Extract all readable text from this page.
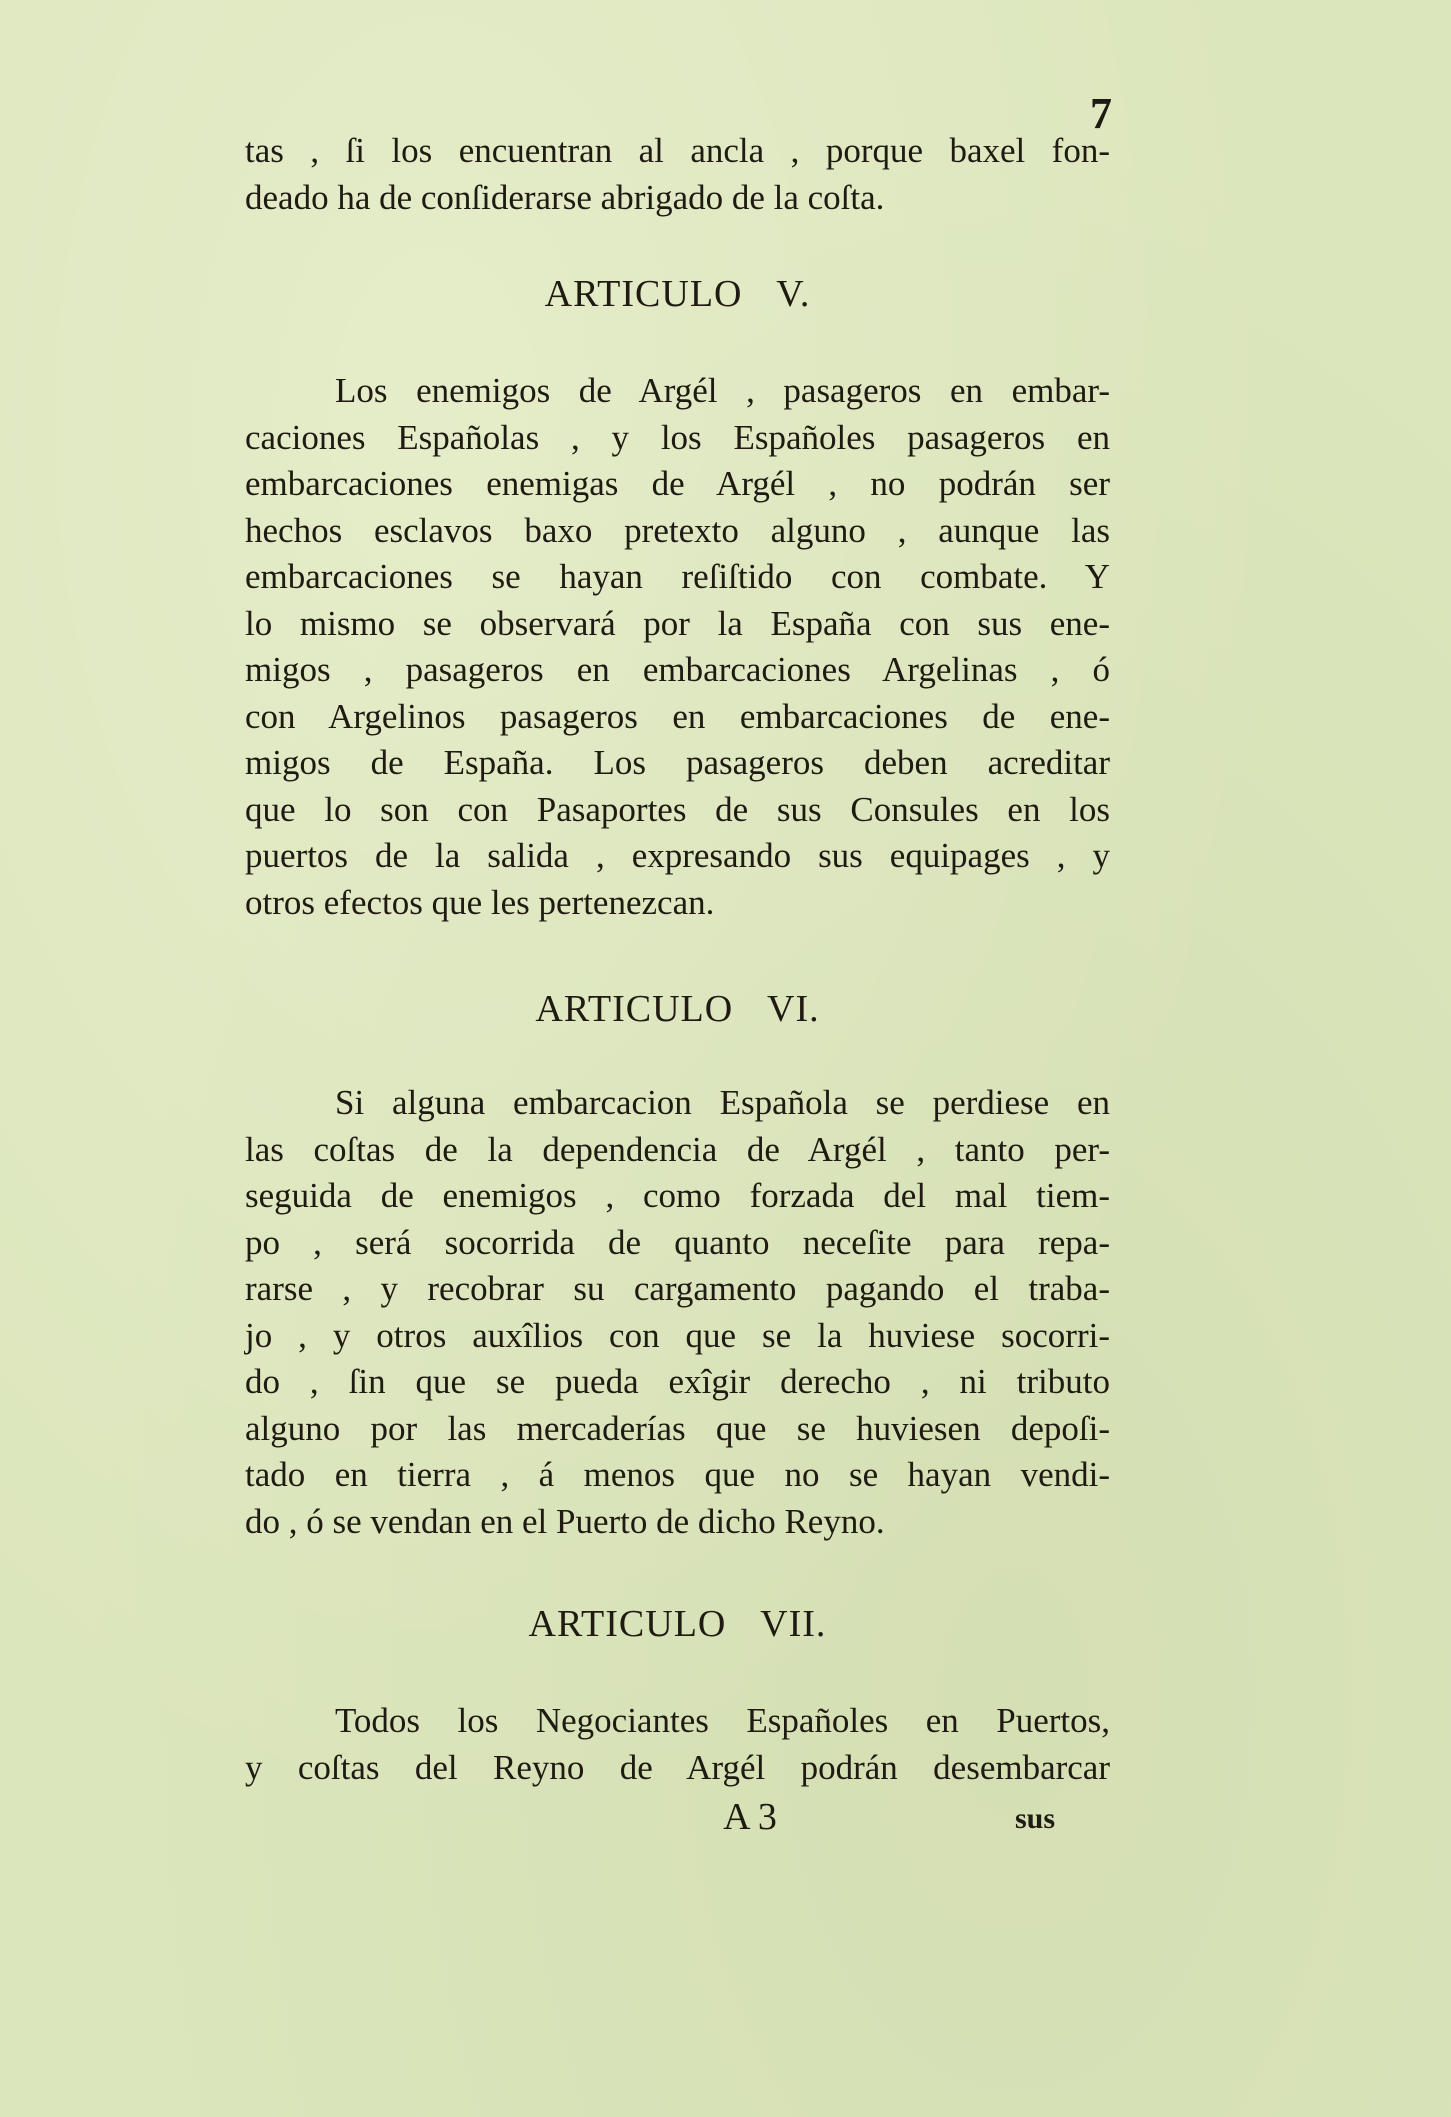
7
tas , ſi los encuentran al ancla , porque baxel fon-
deado ha de conſiderarse abrigado de la coſta.
ARTICULO V.
Los enemigos de Argél , pasageros en embar-
caciones Españolas , y los Españoles pasageros en
embarcaciones enemigas de Argél , no podrán ser
hechos esclavos baxo pretexto alguno , aunque las
embarcaciones se hayan reſiſtido con combate. Y
lo mismo se observará por la España con sus ene-
migos , pasageros en embarcaciones Argelinas , ó
con Argelinos pasageros en embarcaciones de ene-
migos de España. Los pasageros deben acreditar
que lo son con Pasaportes de sus Consules en los
puertos de la salida , expresando sus equipages , y
otros efectos que les pertenezcan.
ARTICULO VI.
Si alguna embarcacion Española se perdiese en
las coſtas de la dependencia de Argél , tanto per-
seguida de enemigos , como forzada del mal tiem-
po , será socorrida de quanto neceſite para repa-
rarse , y recobrar su cargamento pagando el traba-
jo , y otros auxîlios con que se la huviese socorri-
do , ſin que se pueda exîgir derecho , ni tributo
alguno por las mercaderías que se huviesen depoſi-
tado en tierra , á menos que no se hayan vendi-
do , ó se vendan en el Puerto de dicho Reyno.
ARTICULO VII.
Todos los Negociantes Españoles en Puertos,
y coſtas del Reyno de Argél podrán desembarcar
A 3	sus
